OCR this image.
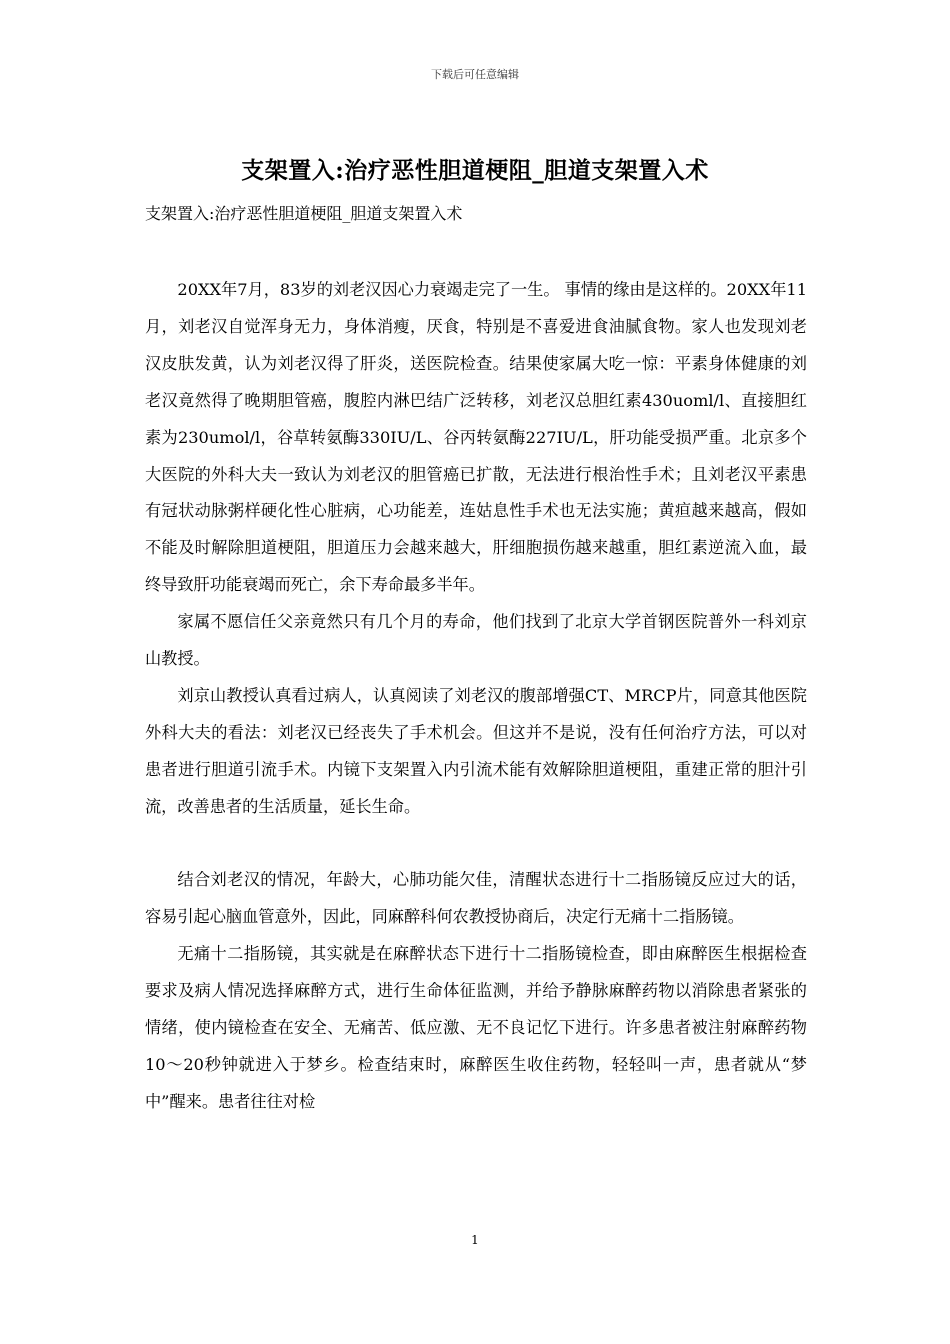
下载后可任意编辑
支架置入:治疗恶性胆道梗阻_胆道支架置入术
支架置入:治疗恶性胆道梗阻_胆道支架置入术

20XX年7月，83岁的刘老汉因心力衰竭走完了一生。 事情的缘由是这样的。20XX年11月，刘老汉自觉浑身无力，身体消瘦，厌食，特别是不喜爱进食油腻食物。家人也发现刘老汉皮肤发黄，认为刘老汉得了肝炎，送医院检查。结果使家属大吃一惊：平素身体健康的刘老汉竟然得了晚期胆管癌，腹腔内淋巴结广泛转移，刘老汉总胆红素430uoml/l、直接胆红素为230umol/l，谷草转氨酶330IU/L、谷丙转氨酶227IU/L，肝功能受损严重。北京多个大医院的外科大夫一致认为刘老汉的胆管癌已扩散，无法进行根治性手术；且刘老汉平素患有冠状动脉粥样硬化性心脏病，心功能差，连姑息性手术也无法实施；黄疸越来越高，假如不能及时解除胆道梗阻，胆道压力会越来越大，肝细胞损伤越来越重，胆红素逆流入血，最终导致肝功能衰竭而死亡，余下寿命最多半年。

家属不愿信任父亲竟然只有几个月的寿命，他们找到了北京大学首钢医院普外一科刘京山教授。

刘京山教授认真看过病人，认真阅读了刘老汉的腹部增强CT、MRCP片，同意其他医院外科大夫的看法：刘老汉已经丧失了手术机会。但这并不是说，没有任何治疗方法，可以对患者进行胆道引流手术。内镜下支架置入内引流术能有效解除胆道梗阻，重建正常的胆汁引流，改善患者的生活质量，延长生命。

结合刘老汉的情况，年龄大，心肺功能欠佳，清醒状态进行十二指肠镜反应过大的话，容易引起心脑血管意外，因此，同麻醉科何农教授协商后，决定行无痛十二指肠镜。

无痛十二指肠镜，其实就是在麻醉状态下进行十二指肠镜检查，即由麻醉医生根据检查要求及病人情况选择麻醉方式，进行生命体征监测，并给予静脉麻醉药物以消除患者紧张的情绪，使内镜检查在安全、无痛苦、低应激、无不良记忆下进行。许多患者被注射麻醉药物10～20秒钟就进入于梦乡。检查结束时，麻醉医生收住药物，轻轻叫一声，患者就从“梦中”醒来。患者往往对检

1
